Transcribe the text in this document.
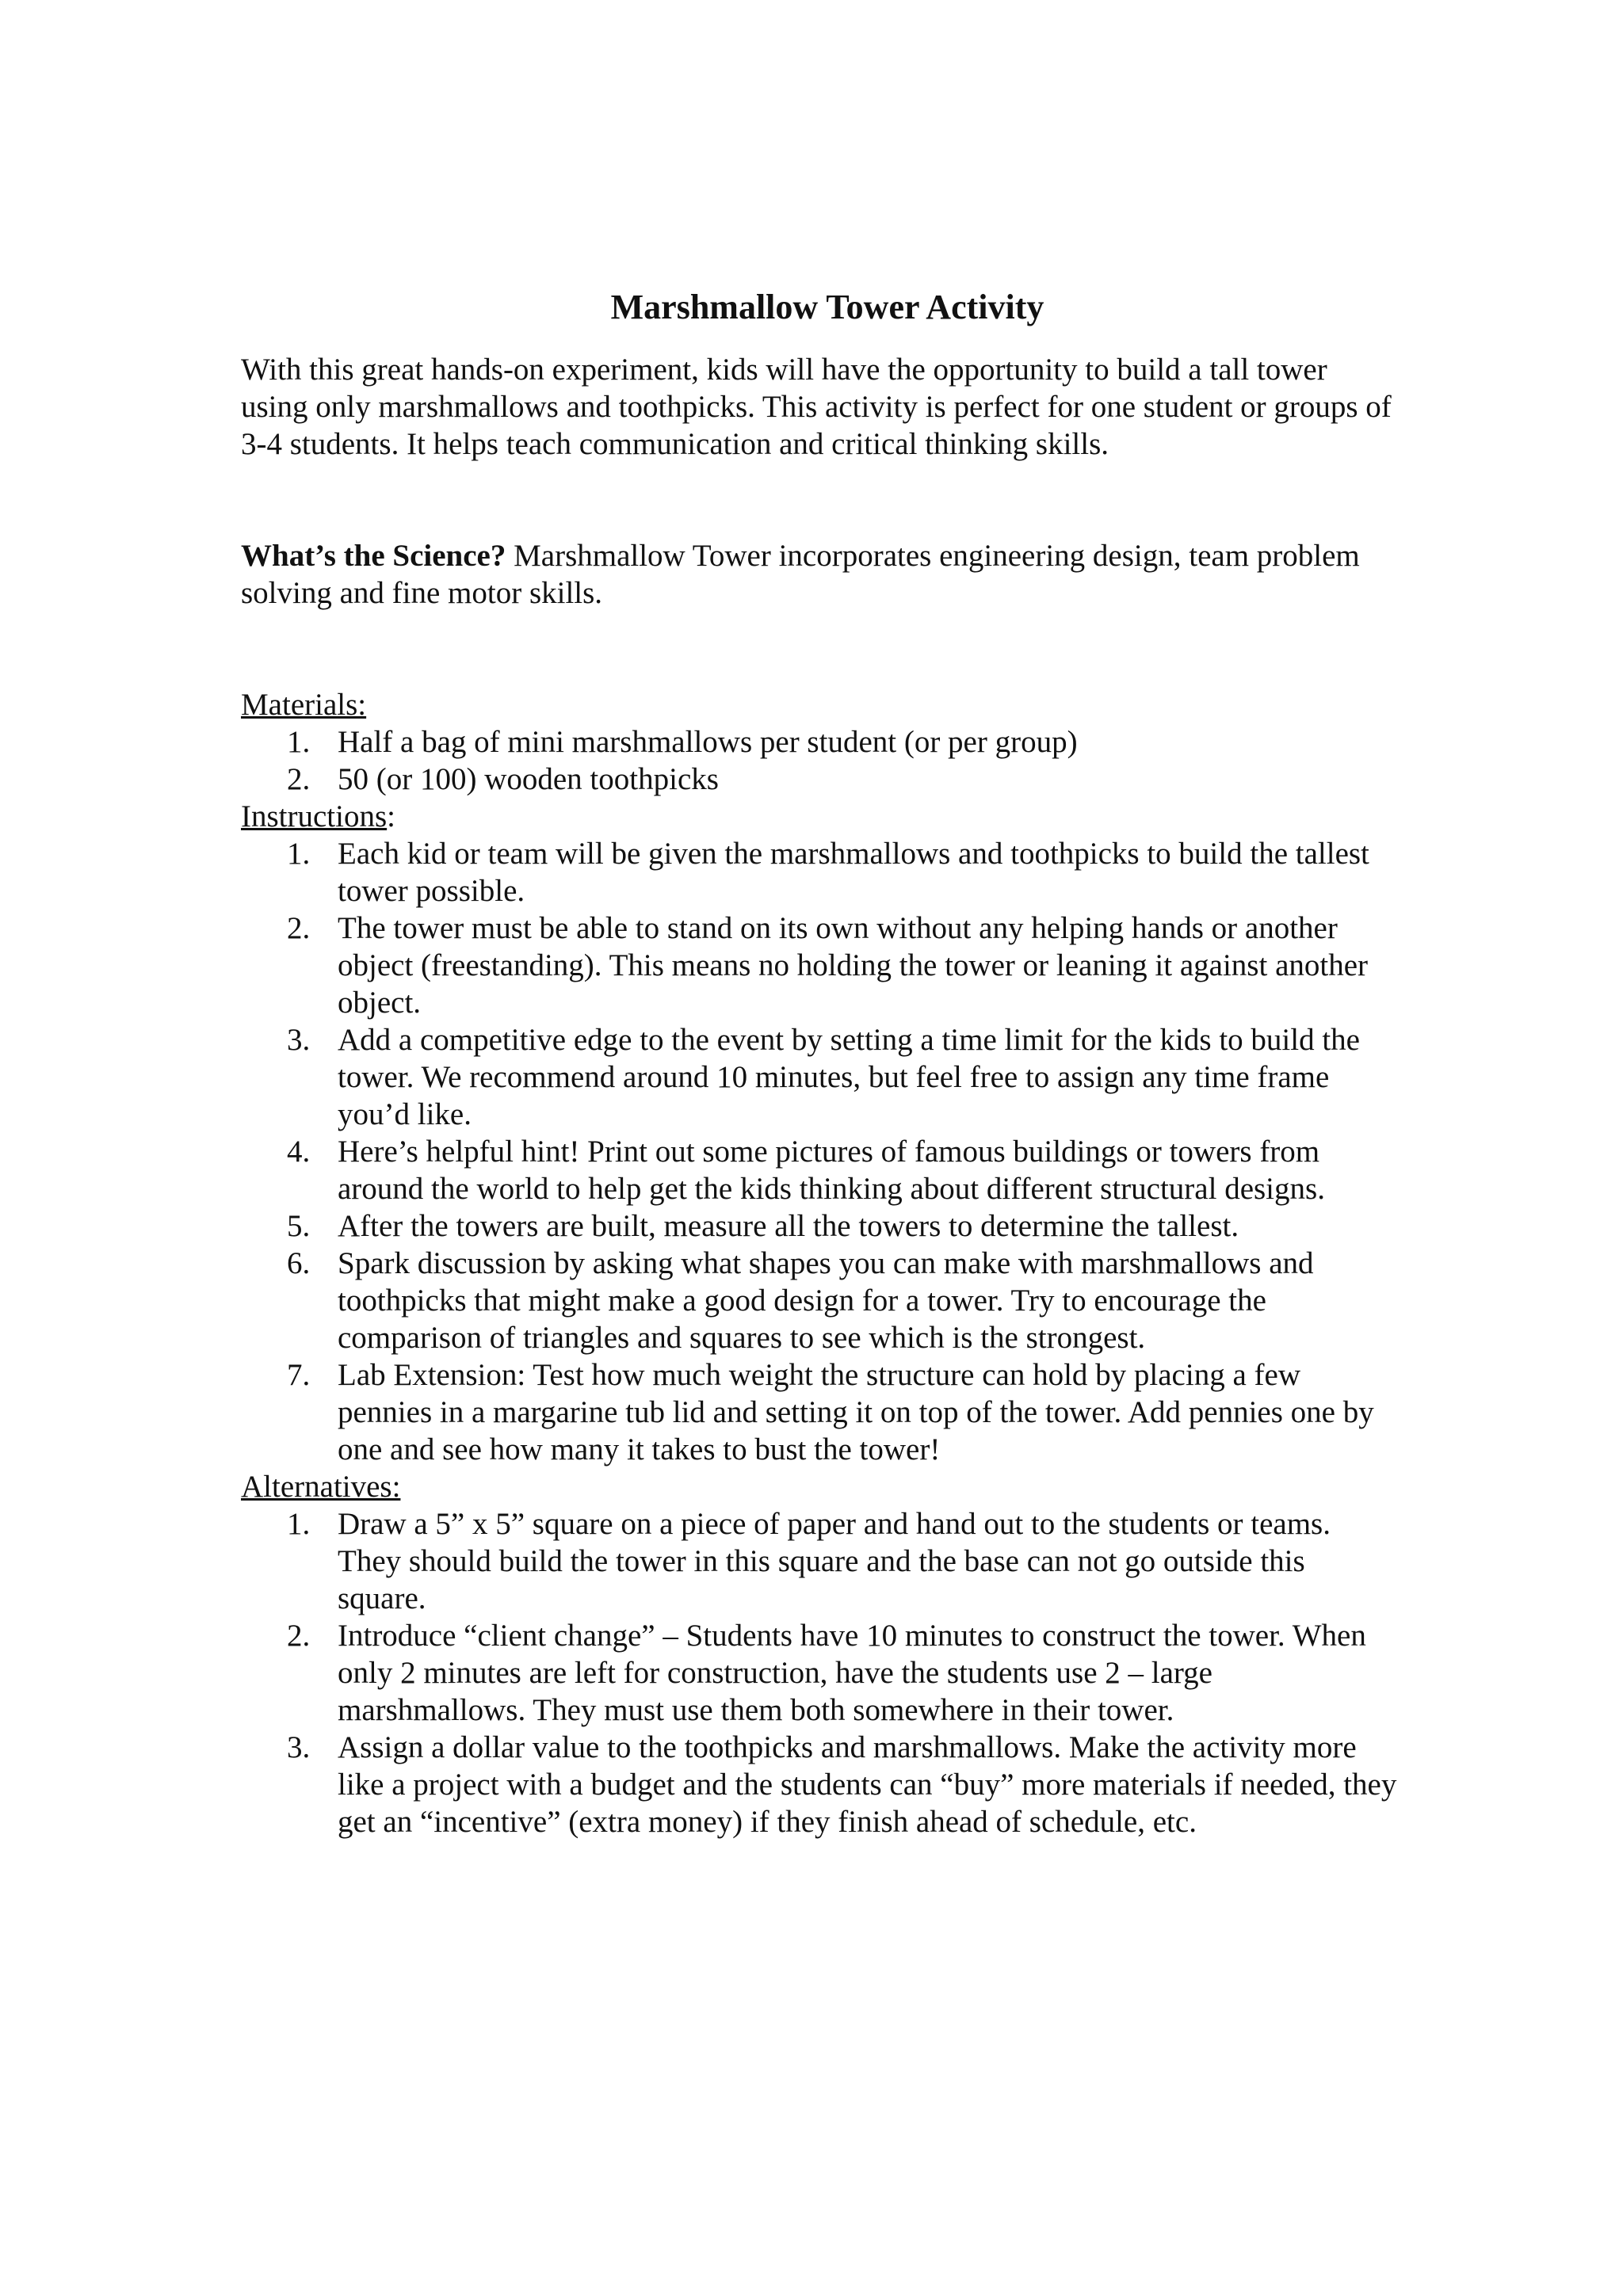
Marshmallow Tower Activity

With this great hands-on experiment, kids will have the opportunity to build a tall tower using only marshmallows and toothpicks. This activity is perfect for one student or groups of 3-4 students. It helps teach communication and critical thinking skills.

What’s the Science? Marshmallow Tower incorporates engineering design, team problem solving and fine motor skills.

Materials:

1. Half a bag of mini marshmallows per student (or per group)
2. 50 (or 100) wooden toothpicks

Instructions:

1. Each kid or team will be given the marshmallows and toothpicks to build the tallest tower possible.
2. The tower must be able to stand on its own without any helping hands or another object (freestanding). This means no holding the tower or leaning it against another object.
3. Add a competitive edge to the event by setting a time limit for the kids to build the tower. We recommend around 10 minutes, but feel free to assign any time frame you’d like.
4. Here’s helpful hint! Print out some pictures of famous buildings or towers from around the world to help get the kids thinking about different structural designs.
5. After the towers are built, measure all the towers to determine the tallest.
6. Spark discussion by asking what shapes you can make with marshmallows and toothpicks that might make a good design for a tower. Try to encourage the comparison of triangles and squares to see which is the strongest.
7. Lab Extension: Test how much weight the structure can hold by placing a few pennies in a margarine tub lid and setting it on top of the tower. Add pennies one by one and see how many it takes to bust the tower!

Alternatives:

1. Draw a 5” x 5” square on a piece of paper and hand out to the students or teams. They should build the tower in this square and the base can not go outside this square.
2. Introduce “client change” – Students have 10 minutes to construct the tower. When only 2 minutes are left for construction, have the students use 2 – large marshmallows. They must use them both somewhere in their tower.
3. Assign a dollar value to the toothpicks and marshmallows. Make the activity more like a project with a budget and the students can “buy” more materials if needed, they get an “incentive” (extra money) if they finish ahead of schedule, etc.
